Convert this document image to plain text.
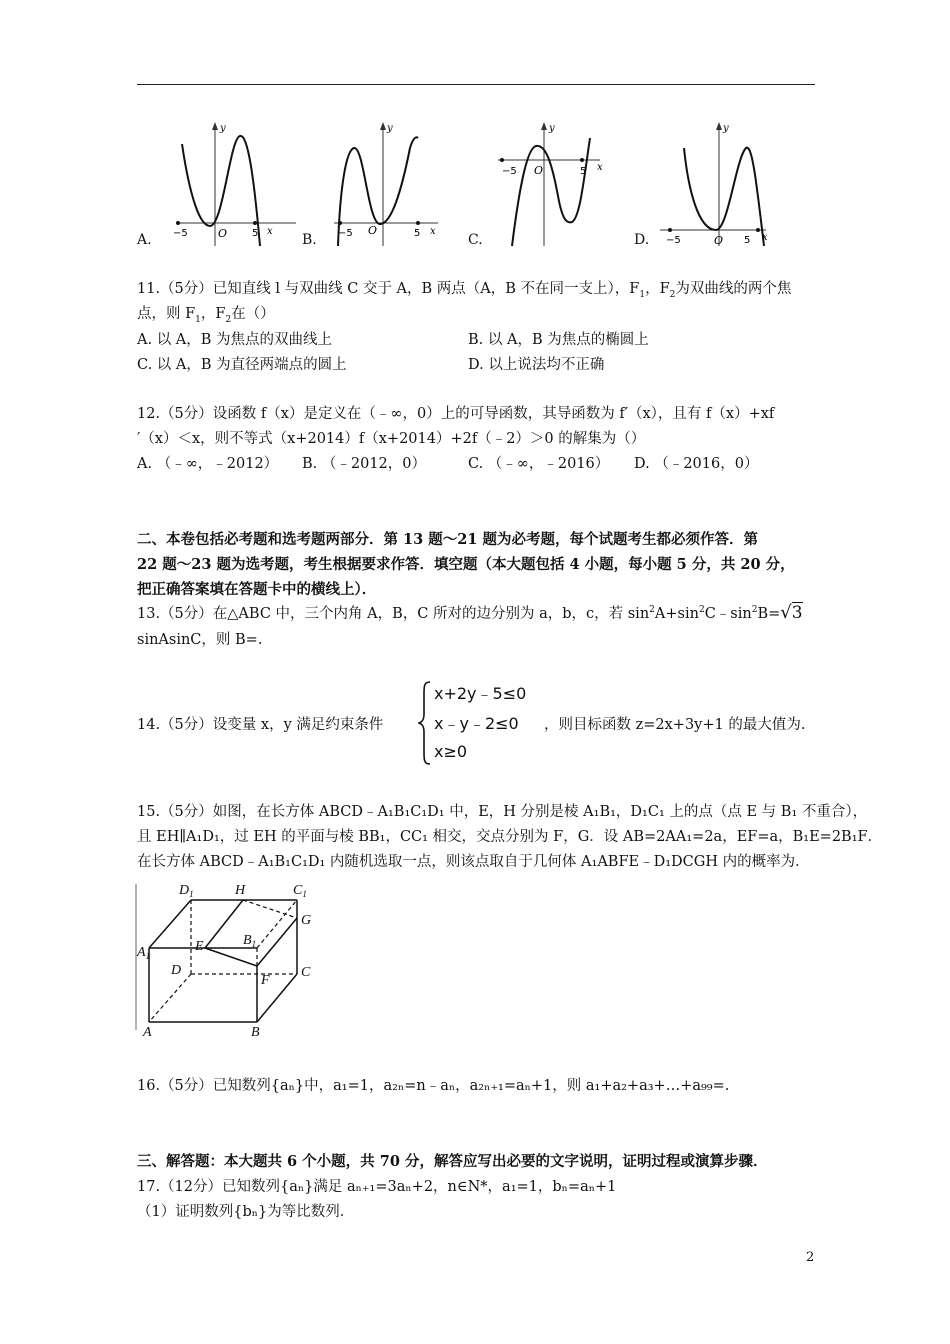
−5	O 5 x
y
−5 O	5 x
y
−5 O	5 x
y
−5	O 5 x
y
A.	B.	C.	D.
11.（5分）已知直线 l 与双曲线 C 交于 A，B 两点（A，B 不在同一支上），$F_1$，$F_2$为双曲线的两个焦
点，则 $F_1$，$F_2$在（）
A. 以 A，B 为焦点的双曲线上	B. 以 A，B 为焦点的椭圆上
C. 以 A，B 为直径两端点的圆上	D. 以上说法均不正确
12.（5分）设函数 f（x）是定义在（﹣∞，0）上的可导函数，其导函数为 f′（x），且有 f（x）+xf
′（x）＜x，则不等式（x+2014）f（x+2014）+2f（﹣2）＞0 的解集为（）
A. （﹣∞，﹣2012） B. （﹣2012，0）	C. （﹣∞，﹣2016） D. （﹣2016，0）
二、本卷包括必考题和选考题两部分．第 13 题～21 题为必考题，每个试题考生都必须作答．第
22 题～23 题为选考题，考生根据要求作答．填空题（本大题包括 4 小题，每小题 5 分，共 20 分，
把正确答案填在答题卡中的横线上）．
13.（5分）在△ABC 中，三个内角 A，B，C 所对的边分别为 a，b，c，若 $\sin^2A+\sin^2C﹣\sin^2B=√3$
sinAsinC，则 B=.
14.（5分）设变量 x，y 满足约束条件
x+2y﹣5≤0
x﹣y﹣2≤0
x≥0
，则目标函数 z=2x+3y+1 的最大值为.
15.（5分）如图，在长方体 ABCD﹣A₁B₁C₁D₁ 中，E，H 分别是棱 A₁B₁，D₁C₁ 上的点（点 E 与 B₁ 不重合），
且 EH∥A₁D₁，过 EH 的平面与棱 BB₁，CC₁ 相交，交点分别为 F，G．设 AB=2AA₁=2a，EF=a，B₁E=2B₁F．
在长方体 ABCD﹣A₁B₁C₁D₁ 内随机选取一点，则该点取自于几何体 A₁ABFE﹣D₁DCGH 内的概率为．
$D_1$	H	$C_1$
G
E	$B_1$
$A_1$
D	C
F
A	B
16.（5分）已知数列{aₙ}中，a₁=1，a₂ₙ=n﹣aₙ，a₂ₙ₊₁=aₙ+1，则 a₁+a₂+a₃+…+a₉₉=.
三、解答题：本大题共 6 个小题，共 70 分，解答应写出必要的文字说明，证明过程或演算步骤．
17.（12分）已知数列{aₙ}满足 aₙ₊₁=3aₙ+2，n∈N*，a₁=1，bₙ=aₙ+1
（1）证明数列{bₙ}为等比数列．
2
